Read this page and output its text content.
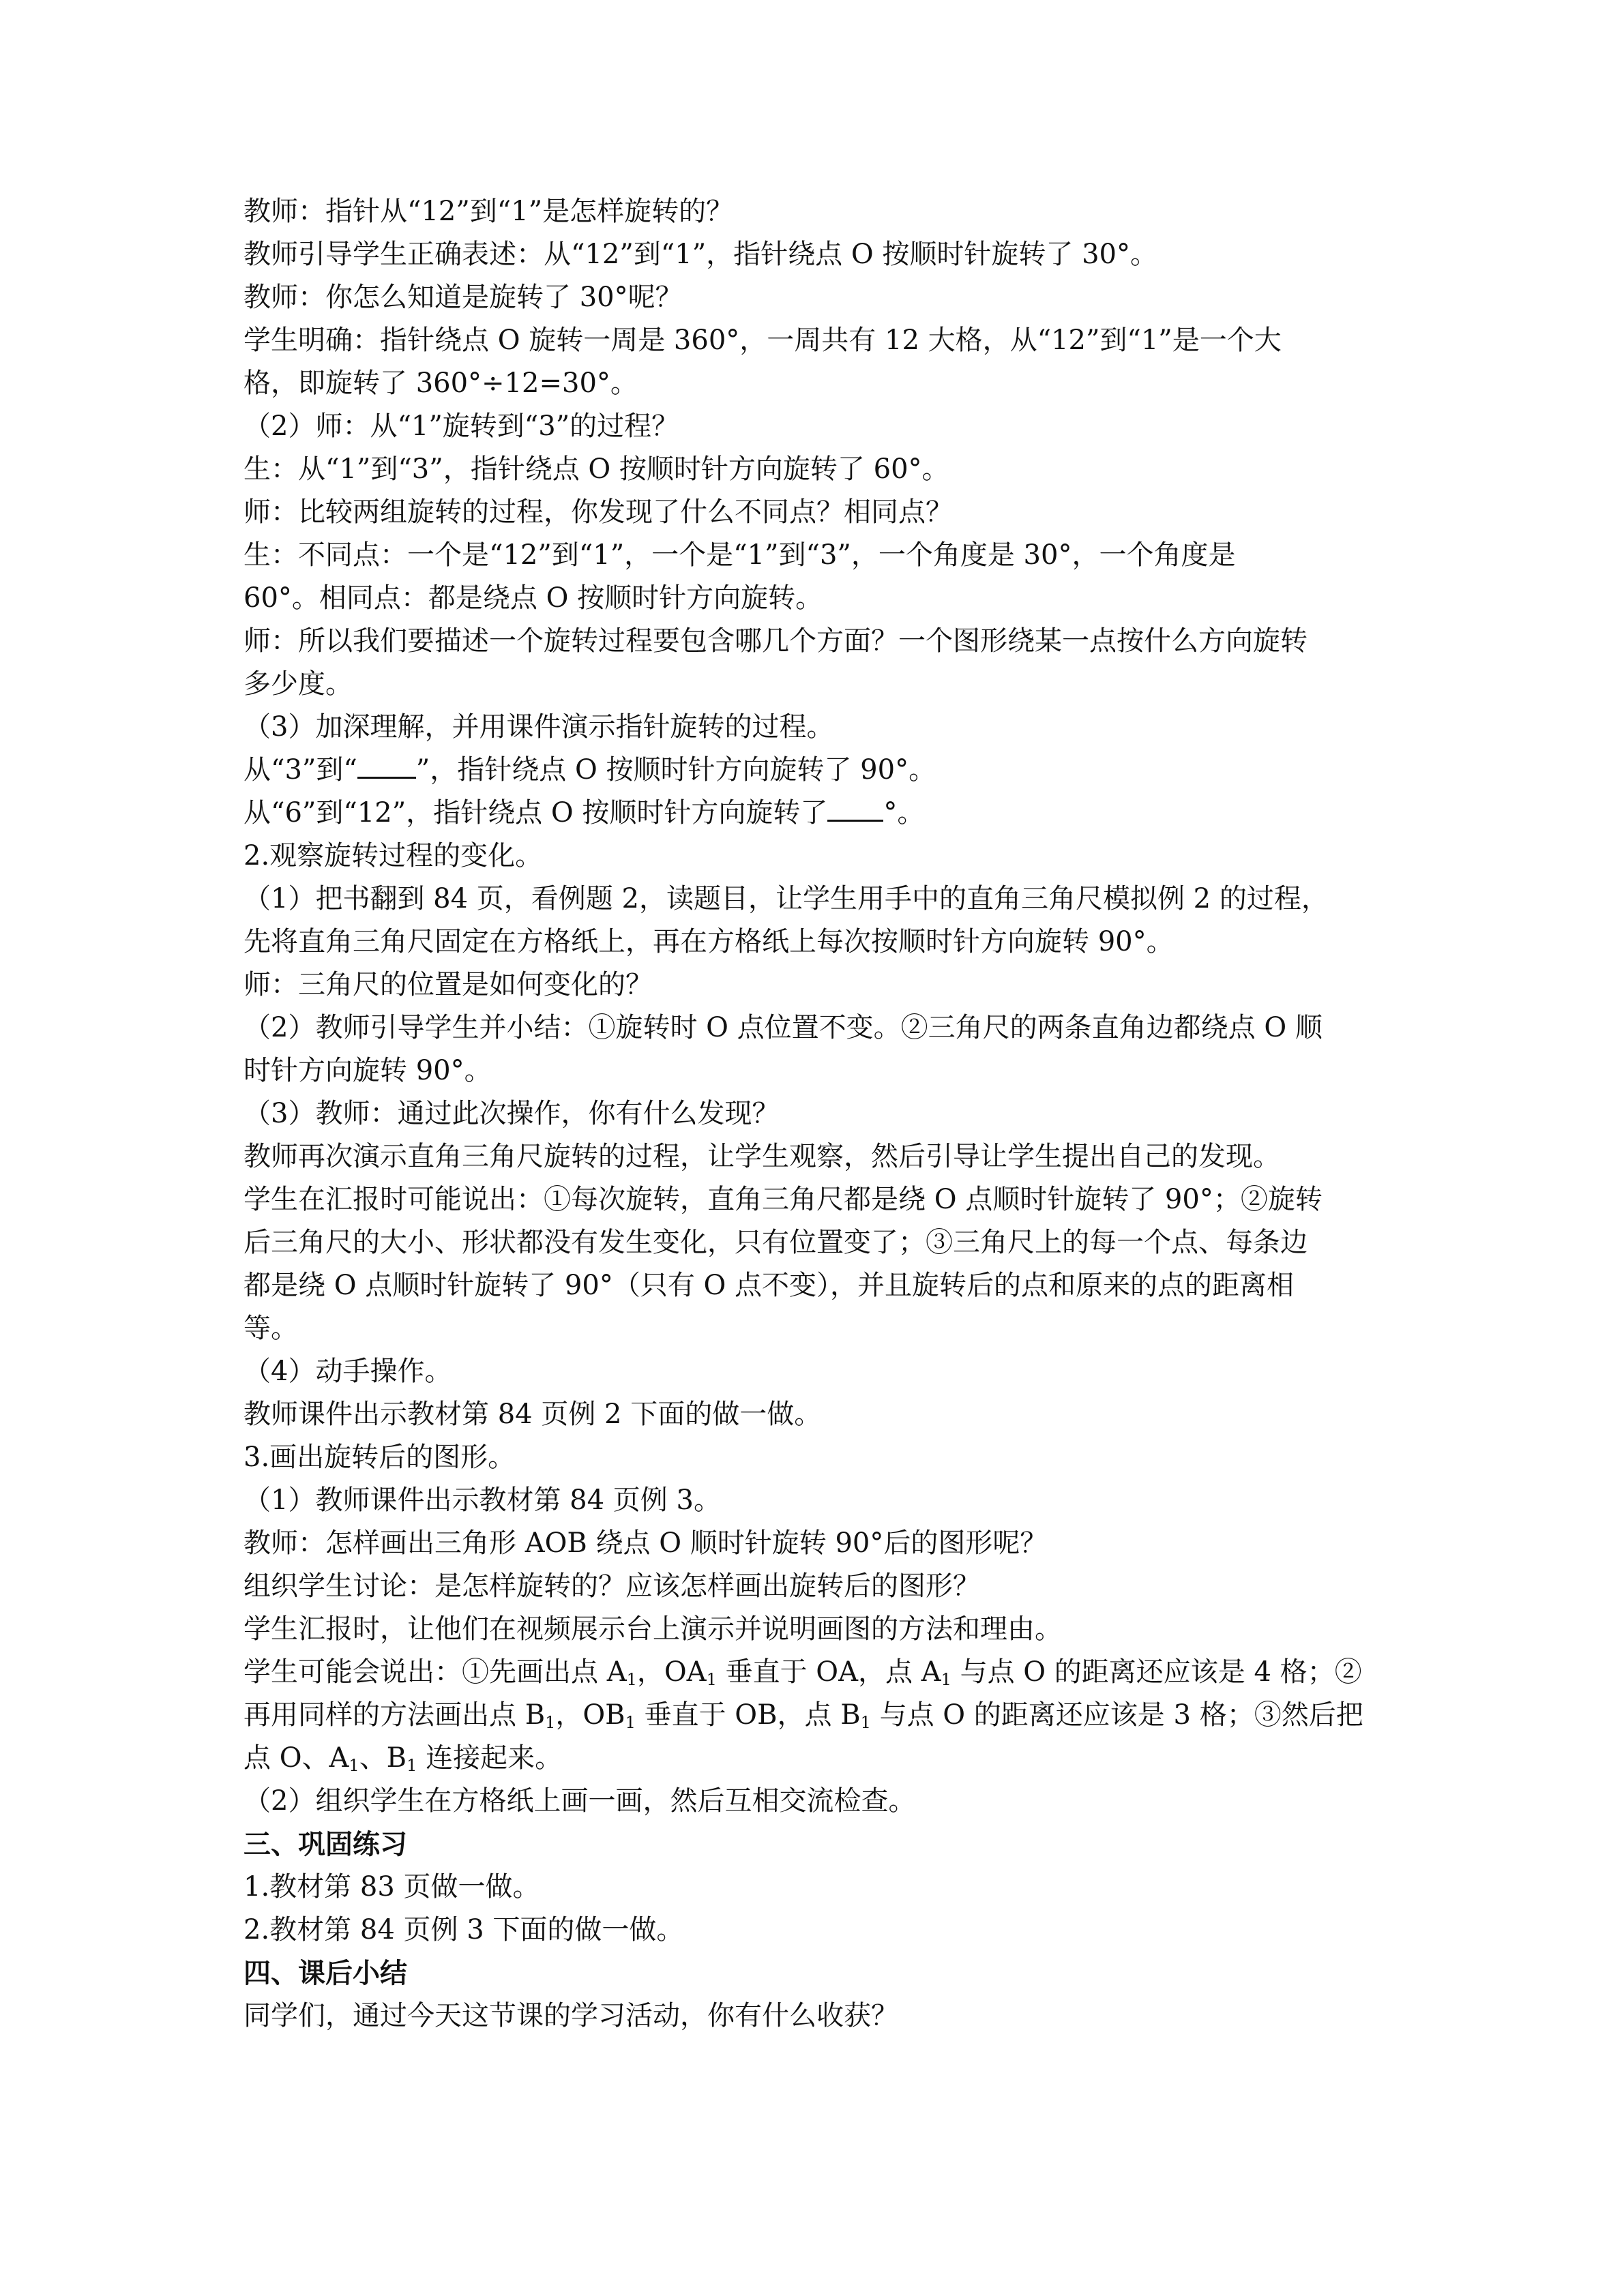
教师：指针从“12”到“1”是怎样旋转的？
教师引导学生正确表述：从“12”到“1”，指针绕点 O 按顺时针旋转了 30°。
教师：你怎么知道是旋转了 30°呢？
学生明确：指针绕点 O 旋转一周是 360°，一周共有 12 大格，从“12”到“1”是一个大
格，即旋转了 360°÷12=30°。
（2）师：从“1”旋转到“3”的过程？
生：从“1”到“3”，指针绕点 O 按顺时针方向旋转了 60°。
师：比较两组旋转的过程，你发现了什么不同点？相同点？
生：不同点：一个是“12”到“1”，一个是“1”到“3”，一个角度是 30°，一个角度是
60°。相同点：都是绕点 O 按顺时针方向旋转。
师：所以我们要描述一个旋转过程要包含哪几个方面？一个图形绕某一点按什么方向旋转
多少度。
（3）加深理解，并用课件演示指针旋转的过程。
从“3”到“ ”，指针绕点 O 按顺时针方向旋转了 90°。
从“6”到“12”，指针绕点 O 按顺时针方向旋转了 °。
2.观察旋转过程的变化。
（1）把书翻到 84 页，看例题 2，读题目，让学生用手中的直角三角尺模拟例 2 的过程，
先将直角三角尺固定在方格纸上，再在方格纸上每次按顺时针方向旋转 90°。
师：三角尺的位置是如何变化的？
（2）教师引导学生并小结：①旋转时 O 点位置不变。②三角尺的两条直角边都绕点 O 顺
时针方向旋转 90°。
（3）教师：通过此次操作，你有什么发现？
教师再次演示直角三角尺旋转的过程，让学生观察，然后引导让学生提出自己的发现。
学生在汇报时可能说出：①每次旋转，直角三角尺都是绕 O 点顺时针旋转了 90°；②旋转
后三角尺的大小、形状都没有发生变化，只有位置变了；③三角尺上的每一个点、每条边
都是绕 O 点顺时针旋转了 90°（只有 O 点不变），并且旋转后的点和原来的点的距离相
等。
（4）动手操作。
教师课件出示教材第 84 页例 2 下面的做一做。
3.画出旋转后的图形。
（1）教师课件出示教材第 84 页例 3。
教师：怎样画出三角形 AOB 绕点 O 顺时针旋转 90°后的图形呢？
组织学生讨论：是怎样旋转的？应该怎样画出旋转后的图形？
学生汇报时，让他们在视频展示台上演示并说明画图的方法和理由。
学生可能会说出：①先画出点 $A_1$，$OA_1$ 垂直于 OA，点 $A_1$ 与点 O 的距离还应该是 4 格；②
再用同样的方法画出点 $B_1$，$OB_1$ 垂直于 OB，点 $B_1$ 与点 O 的距离还应该是 3 格；③然后把
点 O、$A_1$、$B_1$ 连接起来。
（2）组织学生在方格纸上画一画，然后互相交流检查。
三、巩固练习
1.教材第 83 页做一做。
2.教材第 84 页例 3 下面的做一做。
四、课后小结
同学们，通过今天这节课的学习活动，你有什么收获？
